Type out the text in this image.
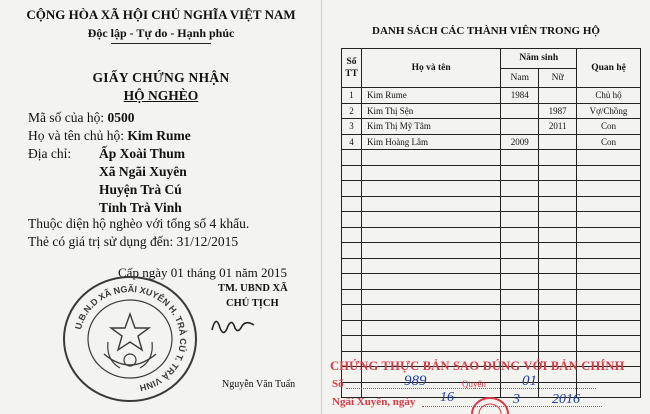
CỘNG HÒA XÃ HỘI CHỦ NGHĨA VIỆT NAM
Độc lập - Tự do - Hạnh phúc
GIẤY CHỨNG NHẬN
HỘ NGHÈO
Mã số của hộ: 0500
Họ và tên chủ hộ: Kim Rume
Địa chỉ: Ấp Xoài Thum
Xã Ngãi Xuyên
Huyện Trà Cú
Tỉnh Trà Vinh
Thuộc diện hộ nghèo với tổng số 4 khẩu.
Thẻ có giá trị sử dụng đến: 31/12/2015
Cấp ngày 01 tháng 01 năm 2015
U.B.N.D XÃ NGÃI XUYÊN H. TRÀ CÚ T. TRÀ VINH
TM. UBND XÃ
CHỦ TỊCH
Nguyễn Văn Tuấn
DANH SÁCH CÁC THÀNH VIÊN TRONG HỘ
Số TT	Họ và tên	Năm sinh		Quan hệ
		Nam	Nữ	
1	Kim Rume	1984		Chủ hộ
2	Kim Thị Sện		1987	Vợ/Chồng
3	Kim Thị Mỹ Tâm		2011	Con
4	Kim Hoàng Lâm	2009		Con

CHỨNG THỰC BẢN SAO ĐÚNG VỚI BẢN CHÍNH
Số	989	Quyển 01
Ngãi Xuyên, ngày 16	3 2016
